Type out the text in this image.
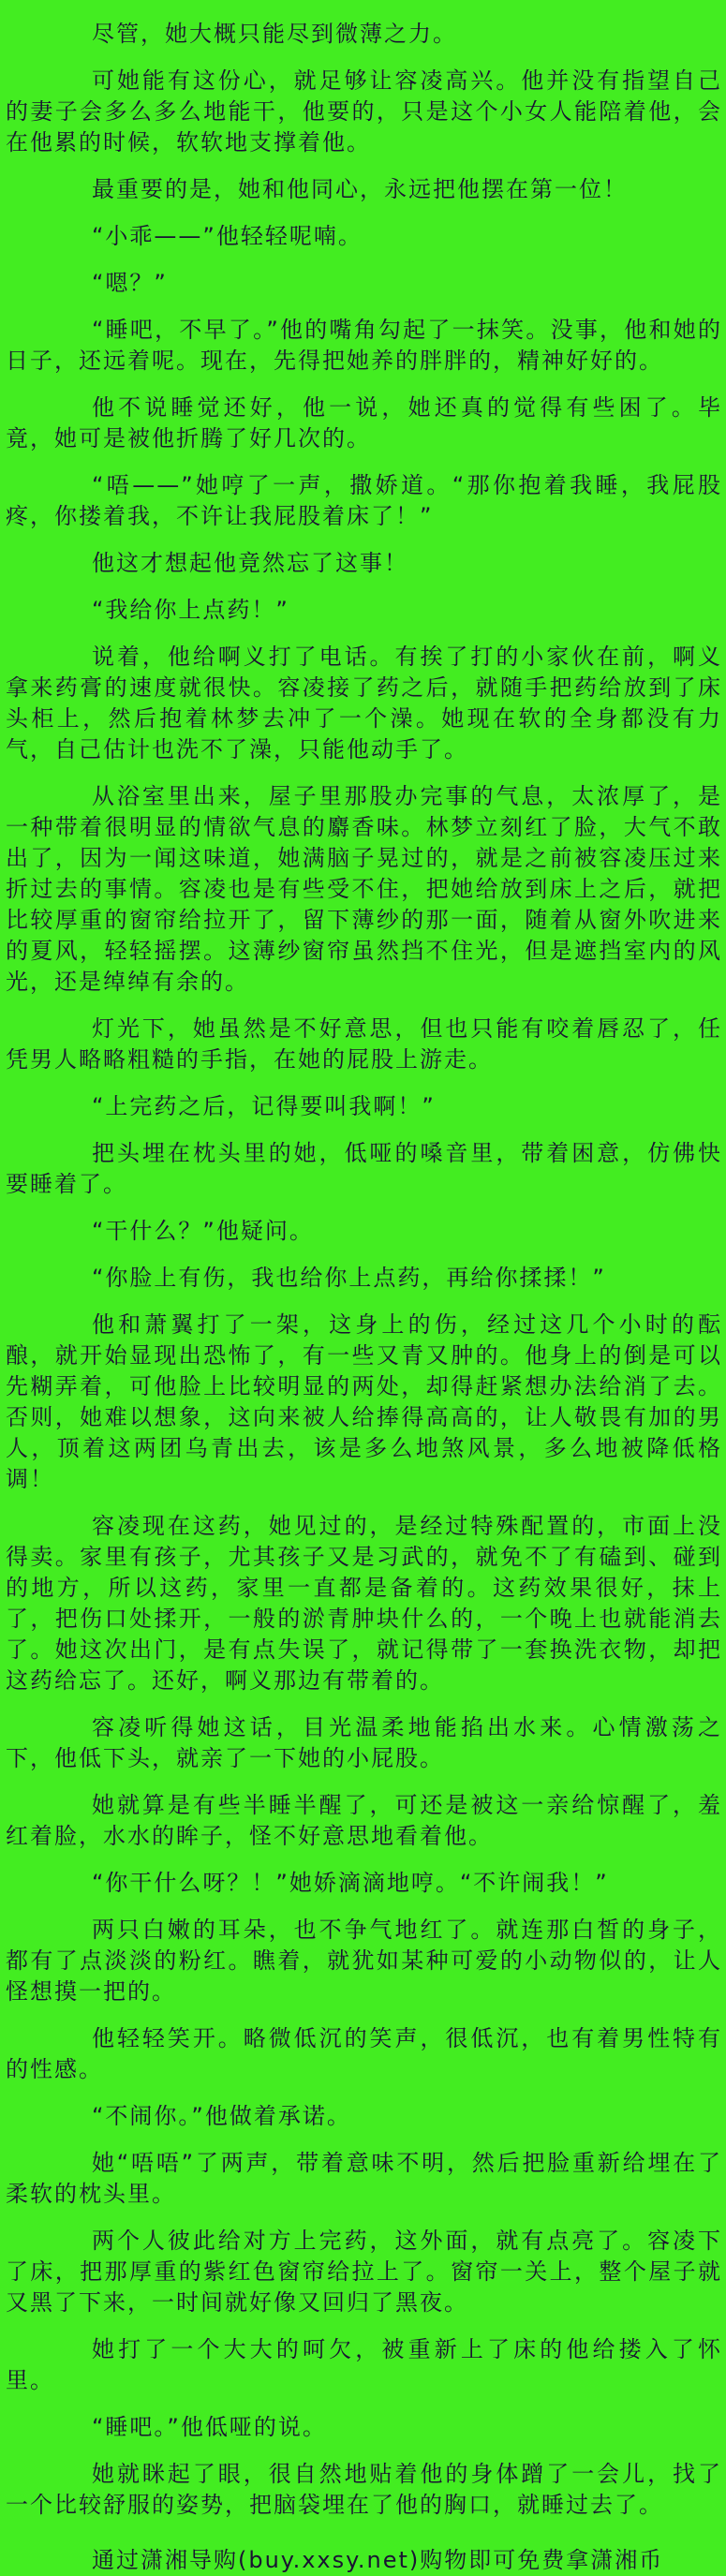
尽管，她大概只能尽到微薄之力。

可她能有这份心，就足够让容凌高兴。他并没有指望自己的妻子会多么多么地能干，他要的，只是这个小女人能陪着他，会在他累的时候，软软地支撑着他。

最重要的是，她和他同心，永远把他摆在第一位！

“小乖——”他轻轻呢喃。

“嗯？”

“睡吧，不早了。”他的嘴角勾起了一抹笑。没事，他和她的日子，还远着呢。现在，先得把她养的胖胖的，精神好好的。

他不说睡觉还好，他一说，她还真的觉得有些困了。毕竟，她可是被他折腾了好几次的。

“唔——”她哼了一声，撒娇道。“那你抱着我睡，我屁股疼，你搂着我，不许让我屁股着床了！”

他这才想起他竟然忘了这事！

“我给你上点药！”

说着，他给啊义打了电话。有挨了打的小家伙在前，啊义拿来药膏的速度就很快。容凌接了药之后，就随手把药给放到了床头柜上，然后抱着林梦去冲了一个澡。她现在软的全身都没有力气，自己估计也洗不了澡，只能他动手了。

从浴室里出来，屋子里那股办完事的气息，太浓厚了，是一种带着很明显的情欲气息的麝香味。林梦立刻红了脸，大气不敢出了，因为一闻这味道，她满脑子晃过的，就是之前被容凌压过来折过去的事情。容凌也是有些受不住，把她给放到床上之后，就把比较厚重的窗帘给拉开了，留下薄纱的那一面，随着从窗外吹进来的夏风，轻轻摇摆。这薄纱窗帘虽然挡不住光，但是遮挡室内的风光，还是绰绰有余的。

灯光下，她虽然是不好意思，但也只能有咬着唇忍了，任凭男人略略粗糙的手指，在她的屁股上游走。

“上完药之后，记得要叫我啊！”

把头埋在枕头里的她，低哑的嗓音里，带着困意，仿佛快要睡着了。

“干什么？”他疑问。

“你脸上有伤，我也给你上点药，再给你揉揉！”

他和萧翼打了一架，这身上的伤，经过这几个小时的酝酿，就开始显现出恐怖了，有一些又青又肿的。他身上的倒是可以先糊弄着，可他脸上比较明显的两处，却得赶紧想办法给消了去。否则，她难以想象，这向来被人给捧得高高的，让人敬畏有加的男人，顶着这两团乌青出去，该是多么地煞风景，多么地被降低格调！

容凌现在这药，她见过的，是经过特殊配置的，市面上没得卖。家里有孩子，尤其孩子又是习武的，就免不了有磕到、碰到的地方，所以这药，家里一直都是备着的。这药效果很好，抹上了，把伤口处揉开，一般的淤青肿块什么的，一个晚上也就能消去了。她这次出门，是有点失误了，就记得带了一套换洗衣物，却把这药给忘了。还好，啊义那边有带着的。

容凌听得她这话，目光温柔地能掐出水来。心情激荡之下，他低下头，就亲了一下她的小屁股。

她就算是有些半睡半醒了，可还是被这一亲给惊醒了，羞红着脸，水水的眸子，怪不好意思地看着他。

“你干什么呀？！”她娇滴滴地哼。“不许闹我！”

两只白嫩的耳朵，也不争气地红了。就连那白皙的身子，都有了点淡淡的粉红。瞧着，就犹如某种可爱的小动物似的，让人怪想摸一把的。

他轻轻笑开。略微低沉的笑声，很低沉，也有着男性特有的性感。

“不闹你。”他做着承诺。

她“唔唔”了两声，带着意味不明，然后把脸重新给埋在了柔软的枕头里。

两个人彼此给对方上完药，这外面，就有点亮了。容凌下了床，把那厚重的紫红色窗帘给拉上了。窗帘一关上，整个屋子就又黑了下来，一时间就好像又回归了黑夜。

她打了一个大大的呵欠，被重新上了床的他给搂入了怀里。

“睡吧。”他低哑的说。

她就眯起了眼，很自然地贴着他的身体蹭了一会儿，找了一个比较舒服的姿势，把脑袋埋在了他的胸口，就睡过去了。

通过潇湘导购(buy.xxsy.net)购物即可免费拿潇湘币
